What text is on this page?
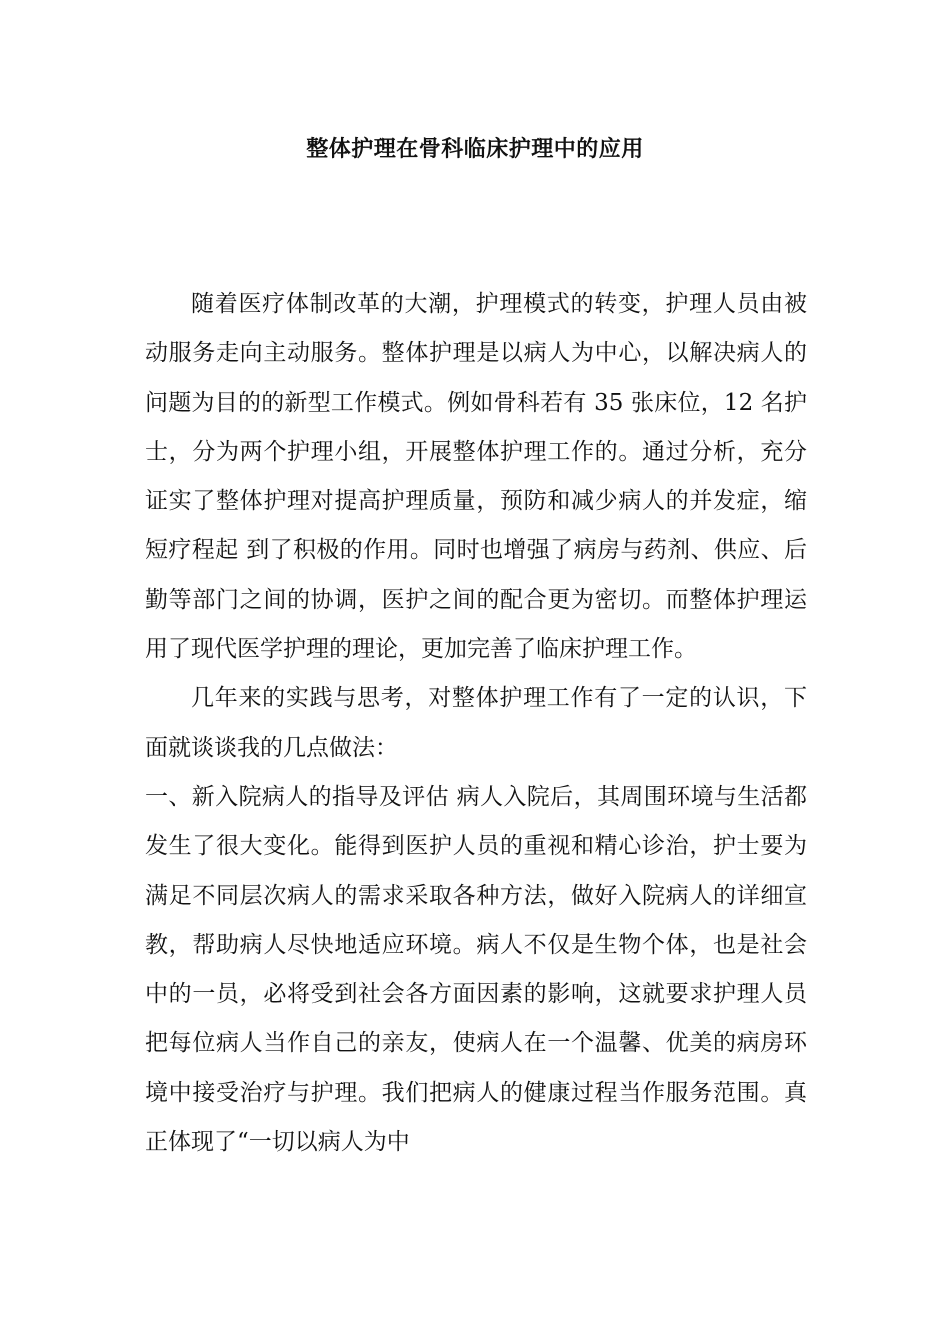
整体护理在骨科临床护理中的应用

随着医疗体制改革的大潮，护理模式的转变，护理人员由被动服务走向主动服务。整体护理是以病人为中心，以解决病人的问题为目的的新型工作模式。例如骨科若有 35 张床位，12 名护士，分为两个护理小组，开展整体护理工作的。通过分析，充分证实了整体护理对提高护理质量，预防和减少病人的并发症，缩短疗程起 到了积极的作用。同时也增强了病房与药剂、供应、后勤等部门之间的协调，医护之间的配合更为密切。而整体护理运用了现代医学护理的理论，更加完善了临床护理工作。

几年来的实践与思考，对整体护理工作有了一定的认识，下面就谈谈我的几点做法：

一、新入院病人的指导及评估 病人入院后，其周围环境与生活都发生了很大变化。能得到医护人员的重视和精心诊治，护士要为满足不同层次病人的需求采取各种方法，做好入院病人的详细宣教，帮助病人尽快地适应环境。病人不仅是生物个体，也是社会中的一员，必将受到社会各方面因素的影响，这就要求护理人员把每位病人当作自己的亲友，使病人在一个温馨、优美的病房环境中接受治疗与护理。我们把病人的健康过程当作服务范围。真正体现了“一切以病人为中
